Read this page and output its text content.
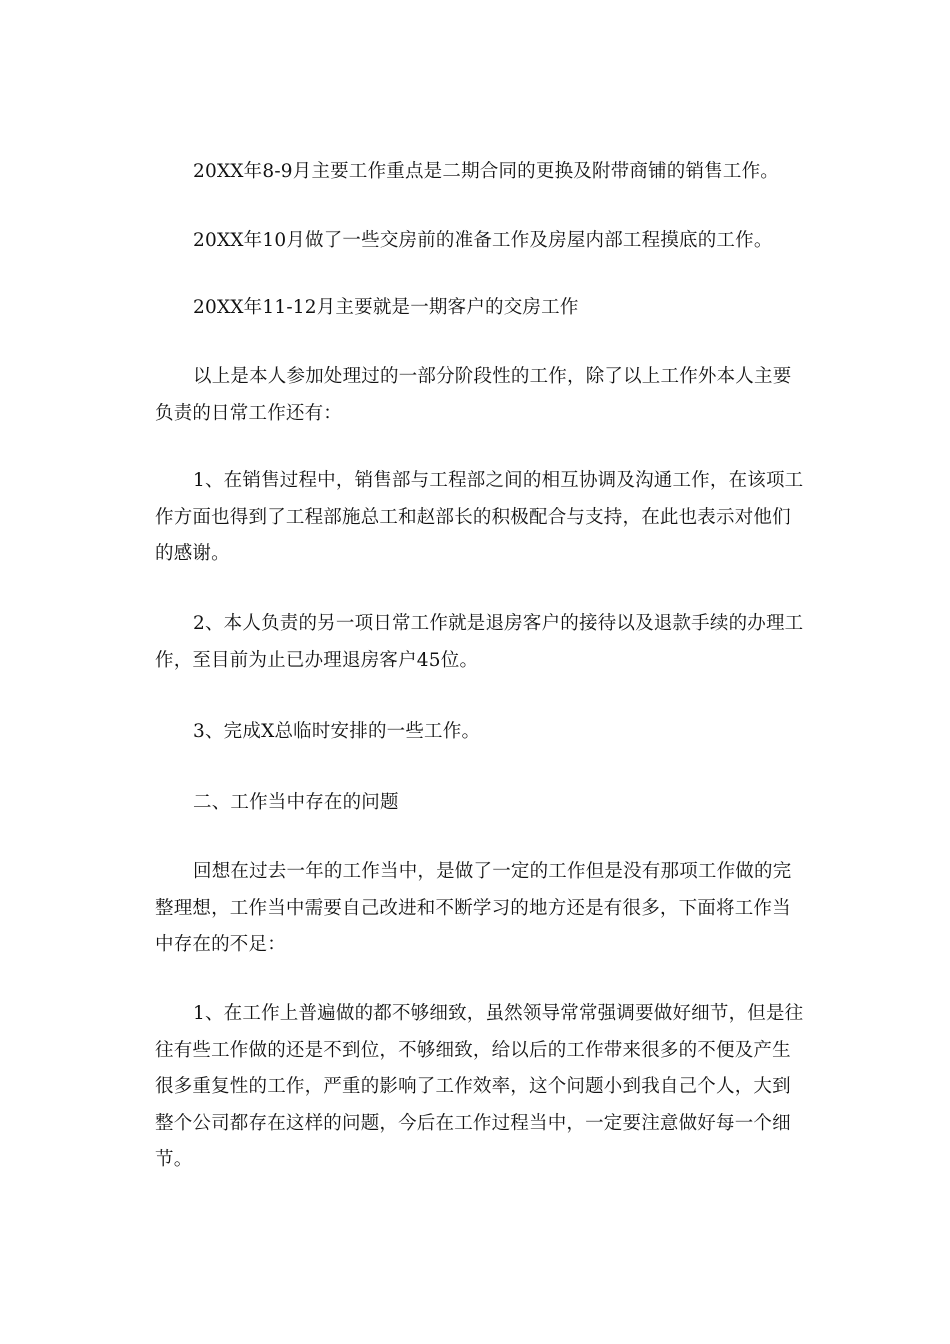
20XX年8-9月主要工作重点是二期合同的更换及附带商铺的销售工作。

20XX年10月做了一些交房前的准备工作及房屋内部工程摸底的工作。

20XX年11-12月主要就是一期客户的交房工作

以上是本人参加处理过的一部分阶段性的工作，除了以上工作外本人主要负责的日常工作还有：

1、在销售过程中，销售部与工程部之间的相互协调及沟通工作，在该项工作方面也得到了工程部施总工和赵部长的积极配合与支持，在此也表示对他们的感谢。

2、本人负责的另一项日常工作就是退房客户的接待以及退款手续的办理工作，至目前为止已办理退房客户45位。

3、完成X总临时安排的一些工作。

二、工作当中存在的问题

回想在过去一年的工作当中，是做了一定的工作但是没有那项工作做的完整理想，工作当中需要自己改进和不断学习的地方还是有很多，下面将工作当中存在的不足：

1、在工作上普遍做的都不够细致，虽然领导常常强调要做好细节，但是往往有些工作做的还是不到位，不够细致，给以后的工作带来很多的不便及产生很多重复性的工作，严重的影响了工作效率，这个问题小到我自己个人，大到整个公司都存在这样的问题，今后在工作过程当中，一定要注意做好每一个细节。
